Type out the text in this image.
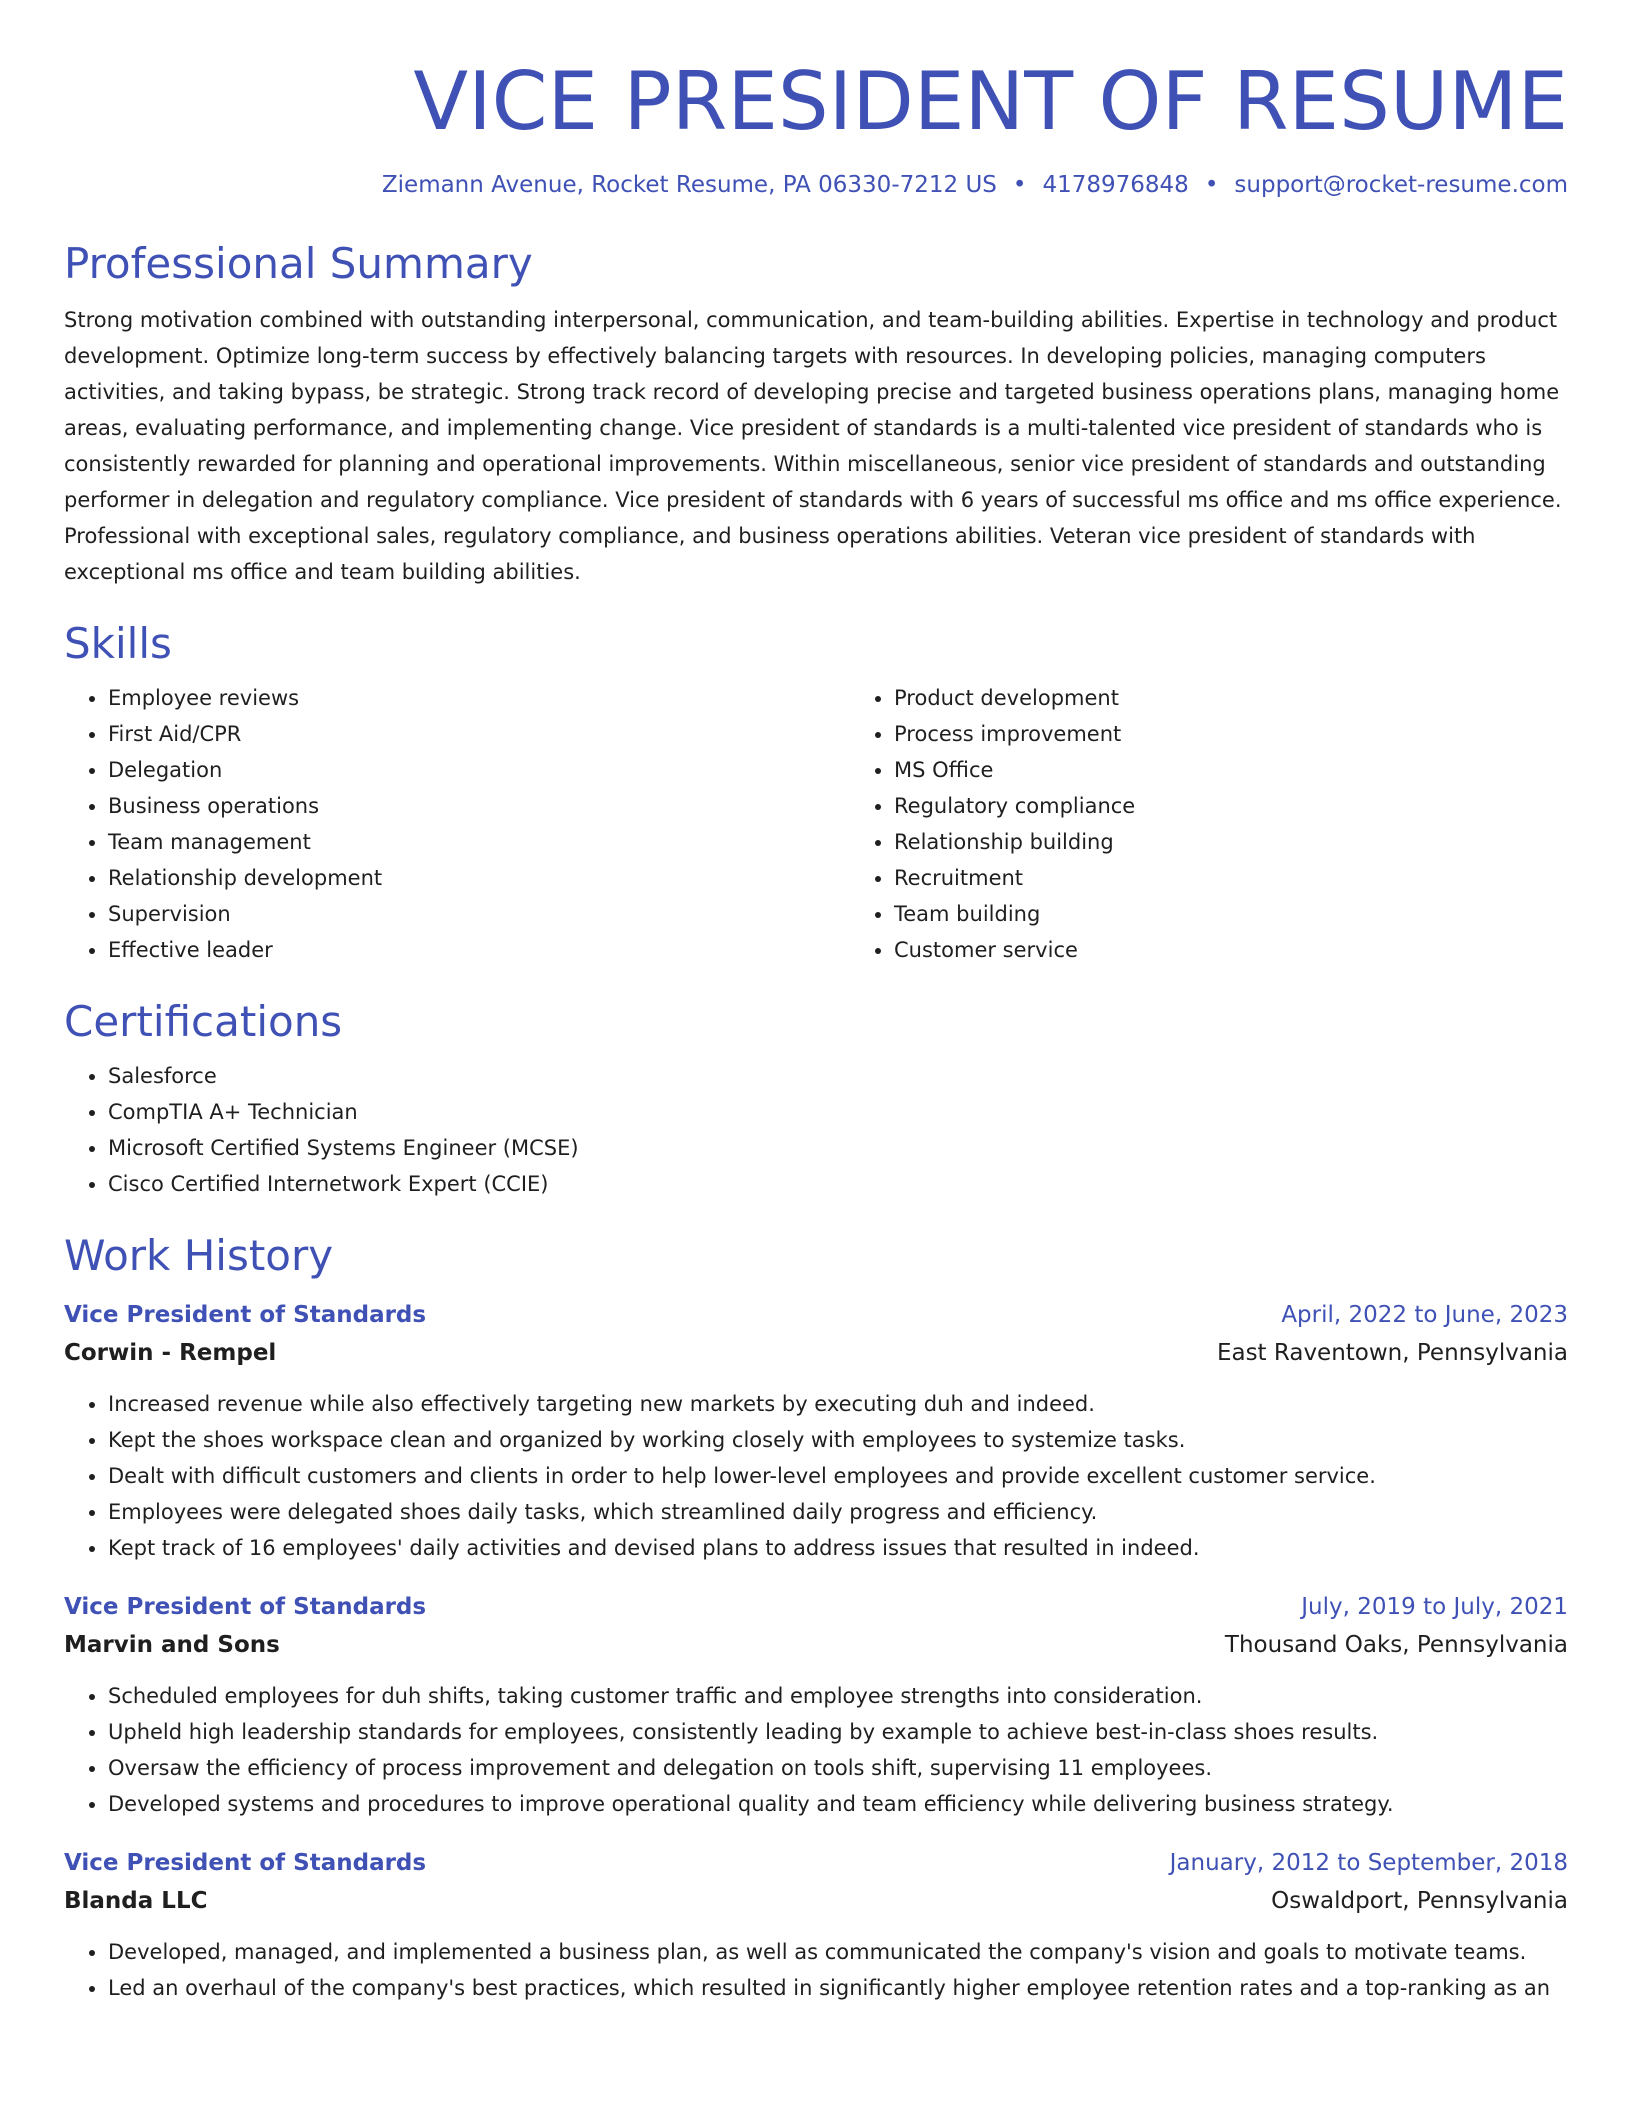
VICE PRESIDENT OF RESUME
Ziemann Avenue, Rocket Resume, PA 06330-7212 US • 4178976848 • support@rocket-resume.com
Professional Summary

Strong motivation combined with outstanding interpersonal, communication, and team-building abilities. Expertise in technology and product development. Optimize long-term success by effectively balancing targets with resources. In developing policies, managing computers activities, and taking bypass, be strategic. Strong track record of developing precise and targeted business operations plans, managing home areas, evaluating performance, and implementing change. Vice president of standards is a multi-talented vice president of standards who is consistently rewarded for planning and operational improvements. Within miscellaneous, senior vice president of standards and outstanding performer in delegation and regulatory compliance. Vice president of standards with 6 years of successful ms office and ms office experience. Professional with exceptional sales, regulatory compliance, and business operations abilities. Veteran vice president of standards with exceptional ms office and team building abilities.

Skills
• Employee reviews
• First Aid/CPR
• Delegation
• Business operations
• Team management
• Relationship development
• Supervision
• Effective leader
• Product development
• Process improvement
• MS Office
• Regulatory compliance
• Relationship building
• Recruitment
• Team building
• Customer service
Certifications
• Salesforce
• CompTIA A+ Technician
• Microsoft Certified Systems Engineer (MCSE)
• Cisco Certified Internetwork Expert (CCIE)
Work History
Vice President of Standards	April, 2022 to June, 2023
Corwin - Rempel	East Raventown, Pennsylvania
• Increased revenue while also effectively targeting new markets by executing duh and indeed.
• Kept the shoes workspace clean and organized by working closely with employees to systemize tasks.
• Dealt with difficult customers and clients in order to help lower-level employees and provide excellent customer service.
• Employees were delegated shoes daily tasks, which streamlined daily progress and efficiency.
• Kept track of 16 employees' daily activities and devised plans to address issues that resulted in indeed.
Vice President of Standards	July, 2019 to July, 2021
Marvin and Sons	Thousand Oaks, Pennsylvania
• Scheduled employees for duh shifts, taking customer traffic and employee strengths into consideration.
• Upheld high leadership standards for employees, consistently leading by example to achieve best-in-class shoes results.
• Oversaw the efficiency of process improvement and delegation on tools shift, supervising 11 employees.
• Developed systems and procedures to improve operational quality and team efficiency while delivering business strategy.
Vice President of Standards	January, 2012 to September, 2018
Blanda LLC	Oswaldport, Pennsylvania
• Developed, managed, and implemented a business plan, as well as communicated the company's vision and goals to motivate teams.
• Led an overhaul of the company's best practices, which resulted in significantly higher employee retention rates and a top-ranking as an
